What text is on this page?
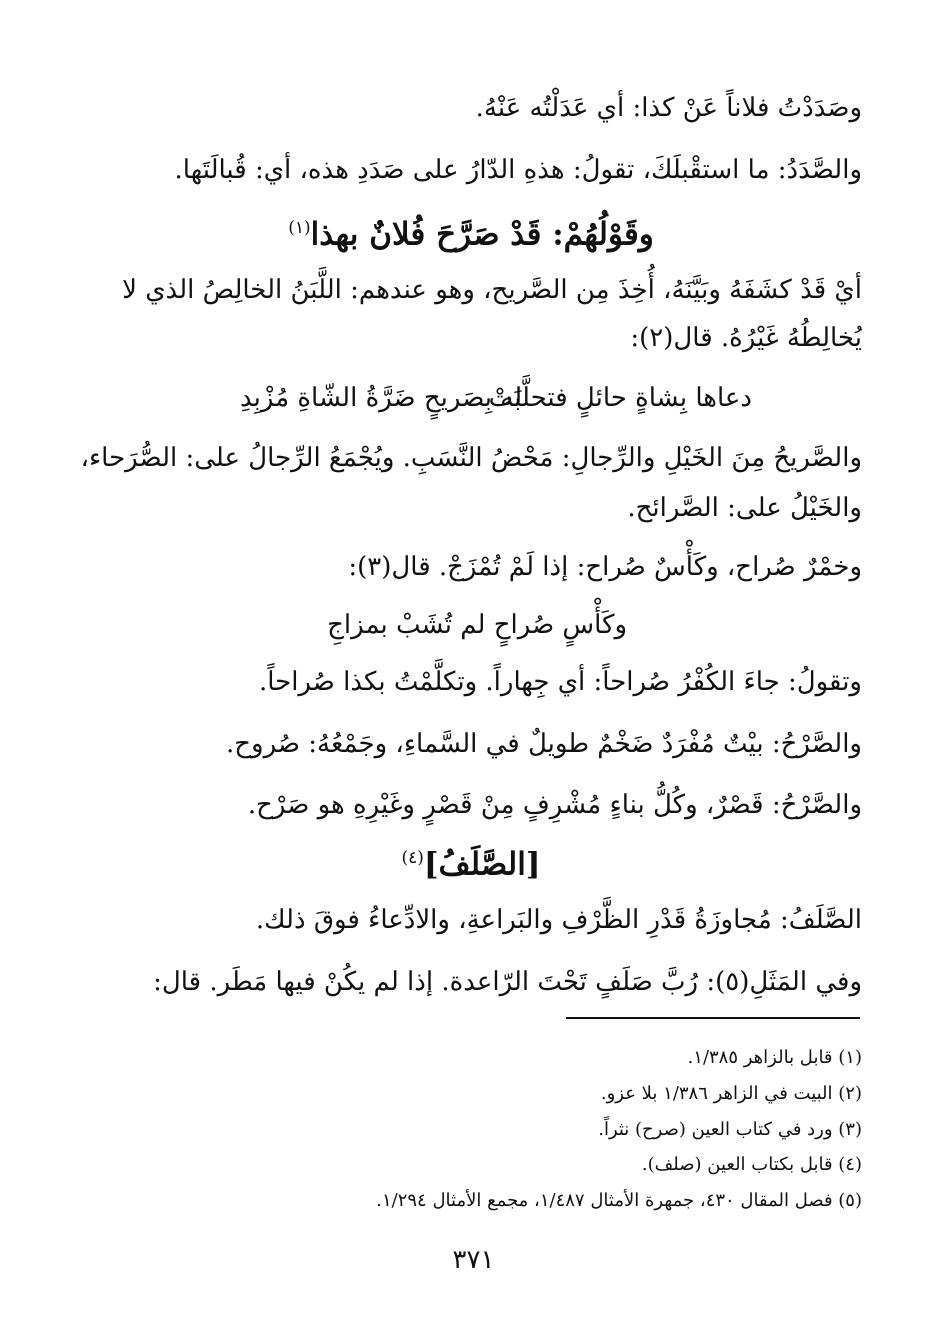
وصَدَدْتُ فلاناً عَنْ كذا: أي عَدَلْتُه عَنْهُ.
والصَّدَدُ: ما استقْبلَكَ، تقولُ: هذهِ الدّارُ على صَدَدِ هذه، أي: قُبالَتَها.
وقَوْلُهُمْ: قَدْ صَرَّحَ فُلانٌ بهذا$^{(١)}$
أيْ قَدْ كشَفَهُ وبَيَّنَهُ، أُخِذَ مِن الصَّريح، وهو عندهم: اللَّبَنُ الخالِصُ الذي لا
يُخالِطُهُ غَيْرُهُ. قال(٢):
دعاها بِشاةٍ حائلٍ فتحلَّبَتْ
له بِصَريحٍ ضَرَّةُ الشّاةِ مُزْبِدِ
والصَّريحُ مِنَ الخَيْلِ والرِّجالِ: مَحْضُ النَّسَبِ. ويُجْمَعُ الرِّجالُ على: الصُّرَحاء،
والخَيْلُ على: الصَّرائح.
وخمْرٌ صُراح، وكَأْسٌ صُراح: إذا لَمْ تُمْزَجْ. قال(٣):
وكَأْسٍ صُراحٍ لم تُشَبْ بمزاجِ
وتقولُ: جاءَ الكُفْرُ صُراحاً: أي جِهاراً. وتكلَّمْتُ بكذا صُراحاً.
والصَّرْحُ: بيْتٌ مُفْرَدٌ ضَخْمٌ طويلٌ في السَّماءِ، وجَمْعُهُ: صُروح.
والصَّرْحُ: قَصْرٌ، وكُلُّ بناءٍ مُشْرِفٍ مِنْ قَصْرٍ وغَيْرِهِ هو صَرْح.
[الصَّلَفُ]$^{(٤)}$
الصَّلَفُ: مُجاوزَةُ قَدْرِ الظَّرْفِ والبَراعةِ، والادِّعاءُ فوقَ ذلك.
وفي المَثَلِ(٥): رُبَّ صَلَفٍ تَحْتَ الرّاعدة. إذا لم يكُنْ فيها مَطَر. قال:
(١) قابل بالزاهر ١/٣٨٥.
(٢) البيت في الزاهر ١/٣٨٦ بلا عزو.
(٣) ورد في كتاب العين (صرح) نثراً.
(٤) قابل بكتاب العين (صلف).
(٥) فصل المقال ٤٣٠، جمهرة الأمثال ١/٤٨٧، مجمع الأمثال ١/٢٩٤.
٣٧١
